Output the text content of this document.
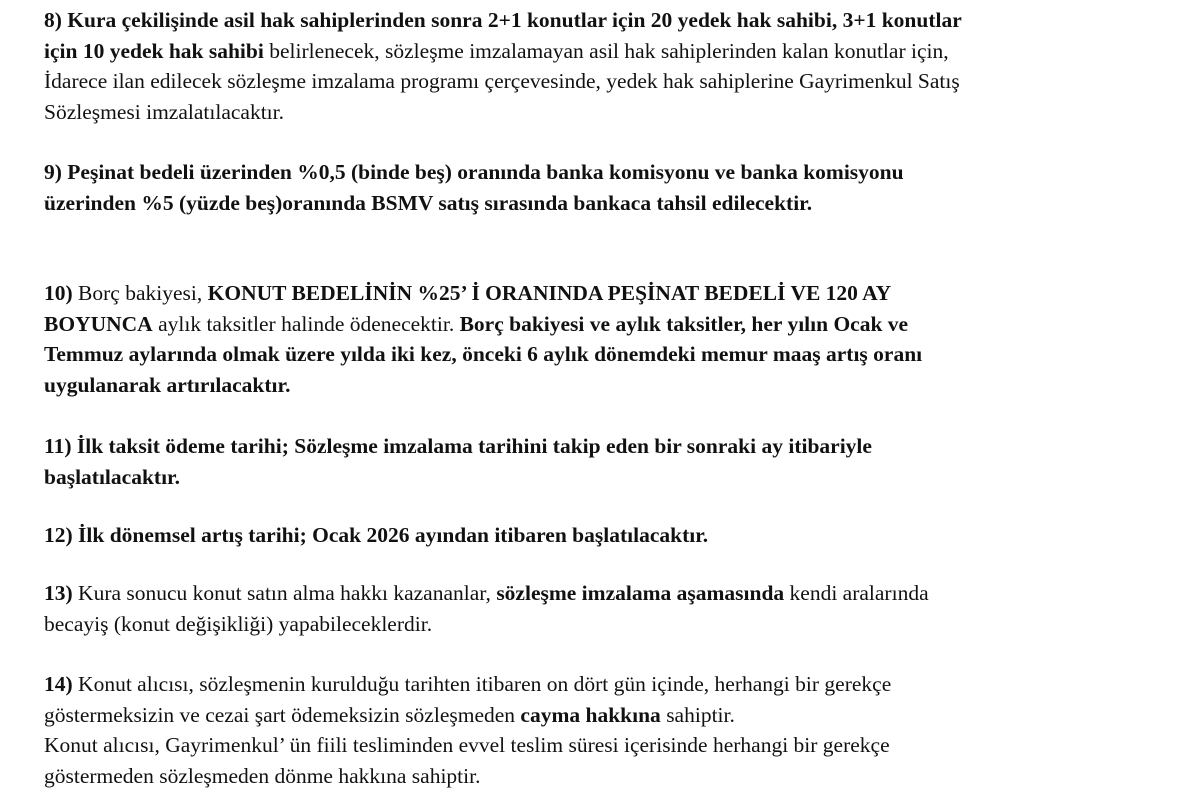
8) Kura çekilişinde asil hak sahiplerinden sonra 2+1 konutlar için 20 yedek hak sahibi, 3+1 konutlar
için 10 yedek hak sahibi belirlenecek, sözleşme imzalamayan asil hak sahiplerinden kalan konutlar için,
İdarece ilan edilecek sözleşme imzalama programı çerçevesinde, yedek hak sahiplerine Gayrimenkul Satış
Sözleşmesi imzalatılacaktır.

9) Peşinat bedeli üzerinden %0,5 (binde beş) oranında banka komisyonu ve banka komisyonu
üzerinden %5 (yüzde beş)oranında BSMV satış sırasında bankaca tahsil edilecektir.

10) Borç bakiyesi, KONUT BEDELİNİN %25’ İ ORANINDA PEŞİNAT BEDELİ VE 120 AY
BOYUNCA aylık taksitler halinde ödenecektir. Borç bakiyesi ve aylık taksitler, her yılın Ocak ve
Temmuz aylarında olmak üzere yılda iki kez, önceki 6 aylık dönemdeki memur maaş artış oranı
uygulanarak artırılacaktır.

11) İlk taksit ödeme tarihi; Sözleşme imzalama tarihini takip eden bir sonraki ay itibariyle
başlatılacaktır.

12) İlk dönemsel artış tarihi; Ocak 2026 ayından itibaren başlatılacaktır.

13) Kura sonucu konut satın alma hakkı kazananlar, sözleşme imzalama aşamasında kendi aralarında
becayiş (konut değişikliği) yapabileceklerdir.

14) Konut alıcısı, sözleşmenin kurulduğu tarihten itibaren on dört gün içinde, herhangi bir gerekçe
göstermeksizin ve cezai şart ödemeksizin sözleşmeden cayma hakkına sahiptir.
Konut alıcısı, Gayrimenkul’ ün fiili tesliminden evvel teslim süresi içerisinde herhangi bir gerekçe
göstermeden sözleşmeden dönme hakkına sahiptir.
